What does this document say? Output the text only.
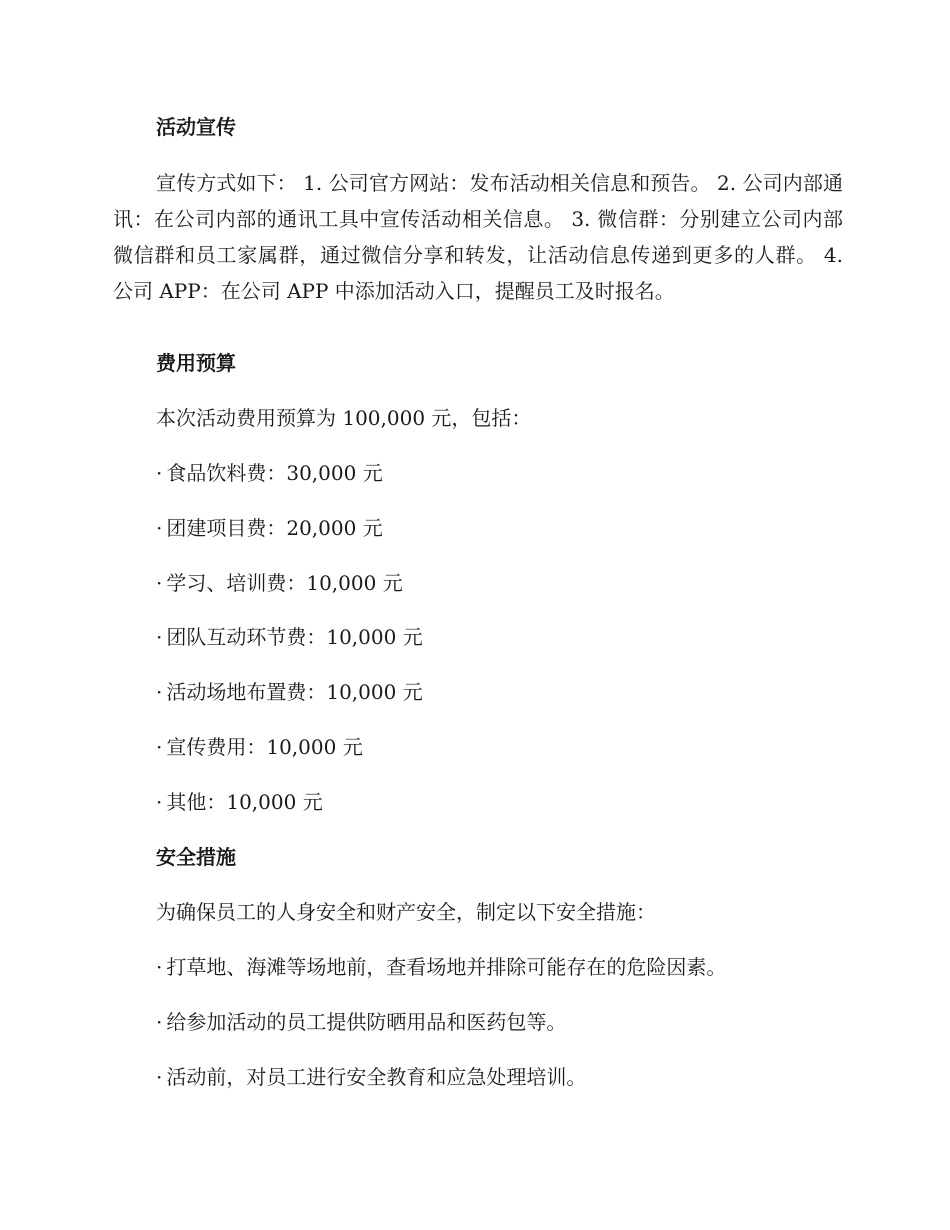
活动宣传

宣传方式如下： 1. 公司官方网站：发布活动相关信息和预告。 2. 公司内部通讯：在公司内部的通讯工具中宣传活动相关信息。 3. 微信群：分别建立公司内部微信群和员工家属群，通过微信分享和转发，让活动信息传递到更多的人群。 4. 公司 APP：在公司 APP 中添加活动入口，提醒员工及时报名。

费用预算

本次活动费用预算为 100,000 元，包括：

· 食品饮料费：30,000 元

· 团建项目费：20,000 元

· 学习、培训费：10,000 元

· 团队互动环节费：10,000 元

· 活动场地布置费：10,000 元

· 宣传费用：10,000 元

· 其他：10,000 元

安全措施

为确保员工的人身安全和财产安全，制定以下安全措施：

· 打草地、海滩等场地前，查看场地并排除可能存在的危险因素。

· 给参加活动的员工提供防晒用品和医药包等。

· 活动前，对员工进行安全教育和应急处理培训。
